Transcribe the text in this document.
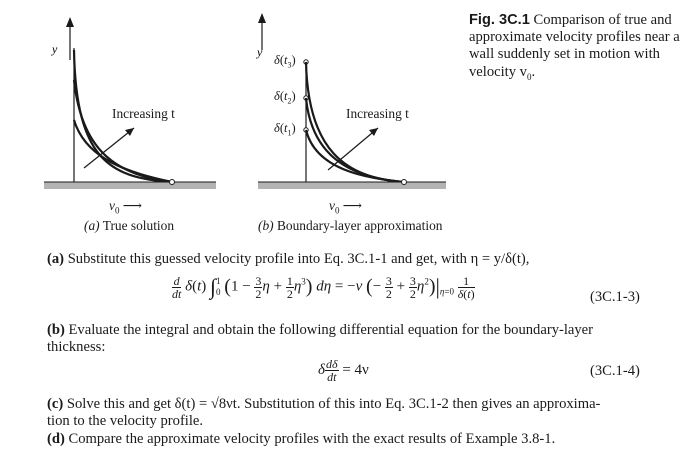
y
Increasing t
$v_0$ ⟶
(a) True solution
y
$\delta(t_3)$
$\delta(t_2)$
$\delta(t_1)$
Increasing t
$v_0$ ⟶
(b) Boundary-layer approximation
Fig. 3C.1 Comparison of true and approximate velocity profiles near a wall suddenly set in motion with velocity $v_0$.
(a) Substitute this guessed velocity profile into Eq. 3C.1-1 and get, with η = y/δ(t),
$\frac{d}{dt} \delta(t)$ ∫ 1
0 ($1 - \frac{3}{2}$ $\eta + \frac{1}{2} \eta^3$) dη = −ν (− $\frac{3}{2} + \frac{3}{2} \eta^2)|_{\eta=0} \frac{1}{\delta(t)}$	(3C.1-3)
(b) Evaluate the integral and obtain the following differential equation for the boundary-layer
thickness:
δ $\frac{d\delta}{dt} = 4\nu$	(3C.1-4)
(c) Solve this and get δ(t) = √8νt. Substitution of this into Eq. 3C.1-2 then gives an approxima-
tion to the velocity profile.
(d) Compare the approximate velocity profiles with the exact results of Example 3.8-1.
